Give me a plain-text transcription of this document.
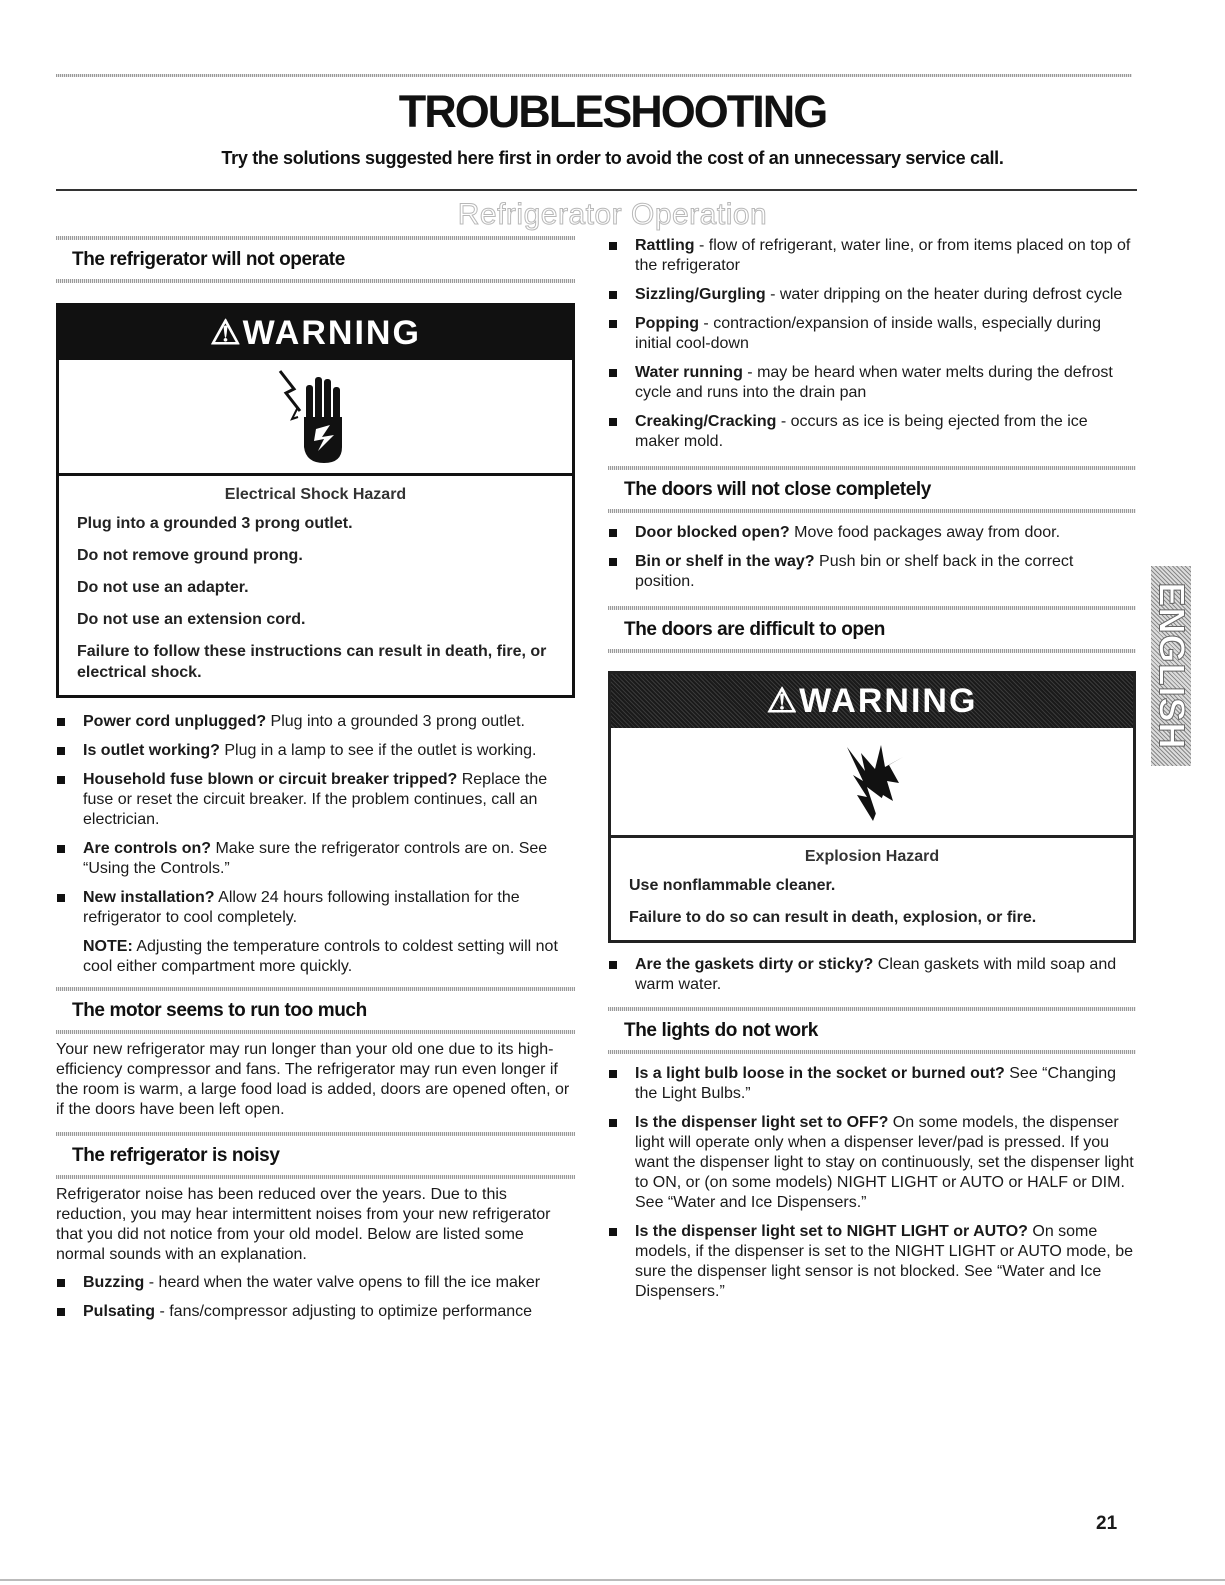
TROUBLESHOOTING
Try the solutions suggested here first in order to avoid the cost of an unnecessary service call.
Refrigerator Operation
The refrigerator will not operate
⚠WARNING
Electrical Shock Hazard

Plug into a grounded 3 prong outlet.

Do not remove ground prong.

Do not use an adapter.

Do not use an extension cord.

Failure to follow these instructions can result in death, fire, or electrical shock.

Power cord unplugged? Plug into a grounded 3 prong outlet.
Is outlet working? Plug in a lamp to see if the outlet is working.
Household fuse blown or circuit breaker tripped? Replace the fuse or reset the circuit breaker. If the problem continues, call an electrician.
Are controls on? Make sure the refrigerator controls are on. See “Using the Controls.”
New installation? Allow 24 hours following installation for the refrigerator to cool completely.
NOTE: Adjusting the temperature controls to coldest setting will not cool either compartment more quickly.
The motor seems to run too much

Your new refrigerator may run longer than your old one due to its high-efficiency compressor and fans. The refrigerator may run even longer if the room is warm, a large food load is added, doors are opened often, or if the doors have been left open.

The refrigerator is noisy

Refrigerator noise has been reduced over the years. Due to this reduction, you may hear intermittent noises from your new refrigerator that you did not notice from your old model. Below are listed some normal sounds with an explanation.

Buzzing - heard when the water valve opens to fill the ice maker
Pulsating - fans/compressor adjusting to optimize performance
Rattling - flow of refrigerant, water line, or from items placed on top of the refrigerator
Sizzling/Gurgling - water dripping on the heater during defrost cycle
Popping - contraction/expansion of inside walls, especially during initial cool-down
Water running - may be heard when water melts during the defrost cycle and runs into the drain pan
Creaking/Cracking - occurs as ice is being ejected from the ice maker mold.
The doors will not close completely
Door blocked open? Move food packages away from door.
Bin or shelf in the way? Push bin or shelf back in the correct position.
The doors are difficult to open
⚠WARNING
Explosion Hazard

Use nonflammable cleaner.

Failure to do so can result in death, explosion, or fire.

Are the gaskets dirty or sticky? Clean gaskets with mild soap and warm water.
The lights do not work
Is a light bulb loose in the socket or burned out? See “Changing the Light Bulbs.”
Is the dispenser light set to OFF? On some models, the dispenser light will operate only when a dispenser lever/pad is pressed. If you want the dispenser light to stay on continuously, set the dispenser light to ON, or (on some models) NIGHT LIGHT or AUTO or HALF or DIM. See “Water and Ice Dispensers.”
Is the dispenser light set to NIGHT LIGHT or AUTO? On some models, if the dispenser is set to the NIGHT LIGHT or AUTO mode, be sure the dispenser light sensor is not blocked. See “Water and Ice Dispensers.”
ENGLISH
21
